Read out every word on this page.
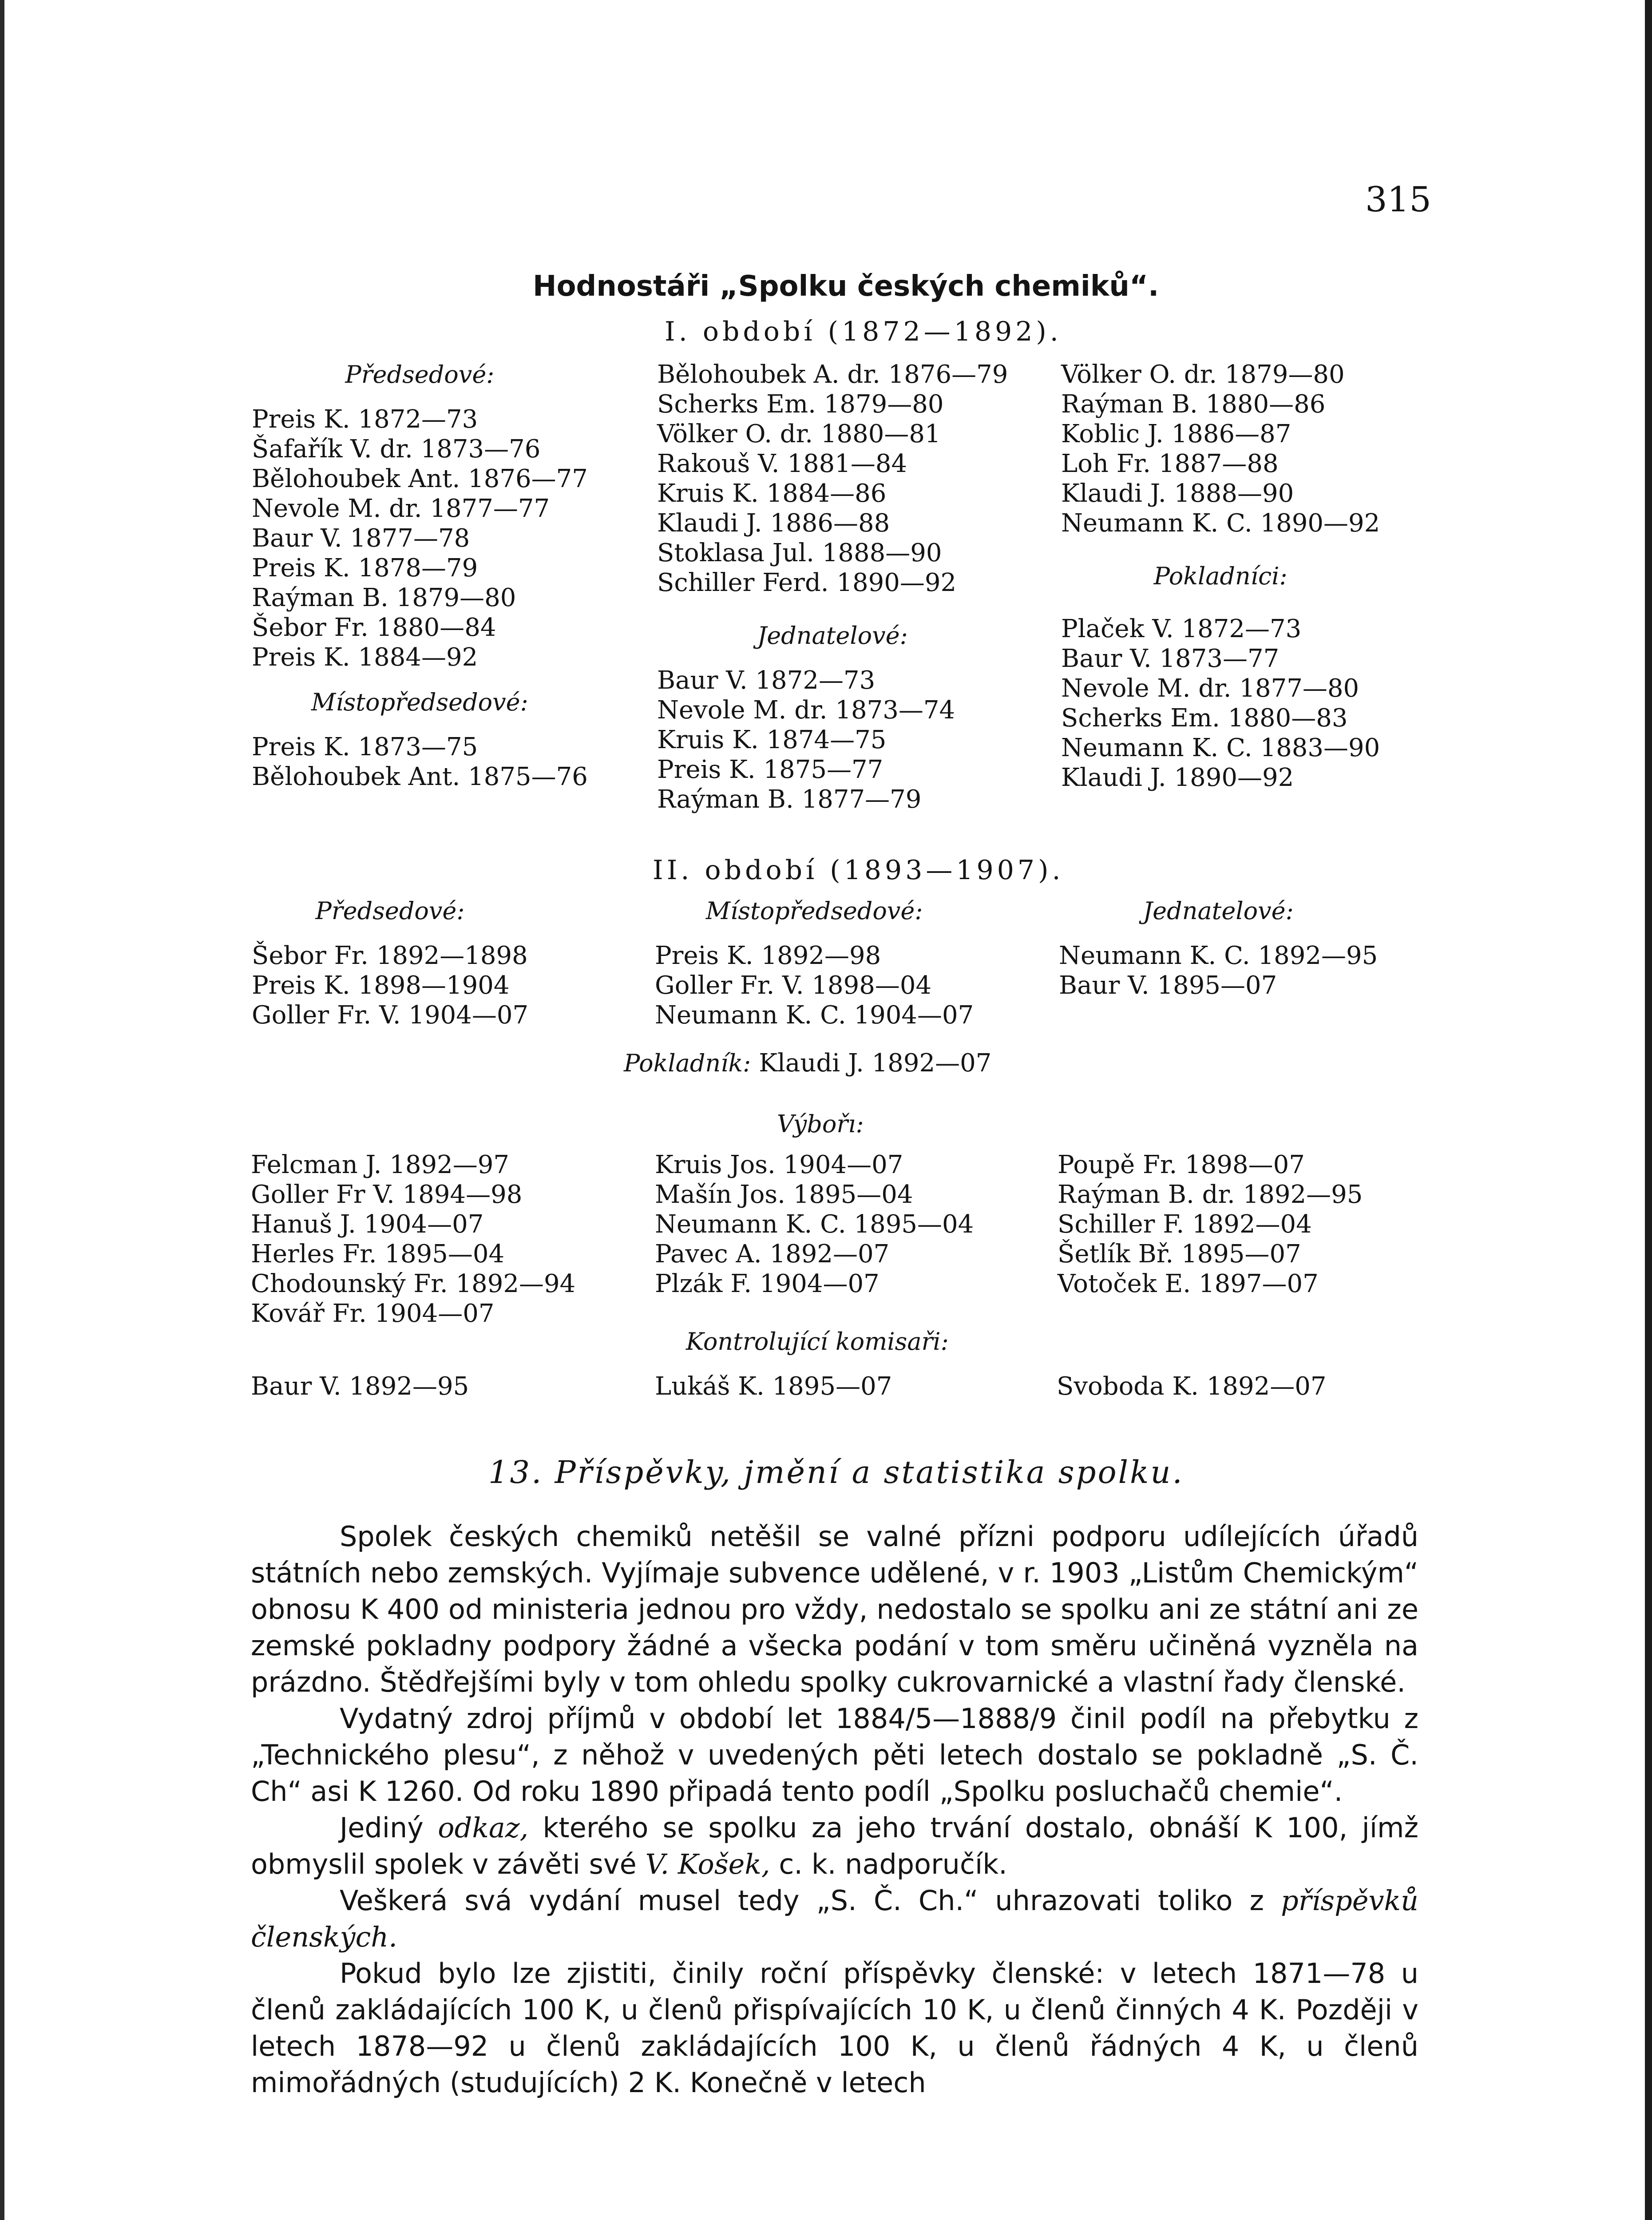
315
Hodnostáři „Spolku českých chemiků“.
I. období (1872—1892).
Předsedové:
Preis K. 1872—73
Šafařík V. dr. 1873—76
Bělohoubek Ant. 1876—77
Nevole M. dr. 1877—77
Baur V. 1877—78
Preis K. 1878—79
Raýman B. 1879—80
Šebor Fr. 1880—84
Preis K. 1884—92
Místopředsedové:
Preis K. 1873—75
Bělohoubek Ant. 1875—76
Bělohoubek A. dr. 1876—79
Scherks Em. 1879—80
Völker O. dr. 1880—81
Rakouš V. 1881—84
Kruis K. 1884—86
Klaudi J. 1886—88
Stoklasa Jul. 1888—90
Schiller Ferd. 1890—92
Jednatelové:
Baur V. 1872—73
Nevole M. dr. 1873—74
Kruis K. 1874—75
Preis K. 1875—77
Raýman B. 1877—79
Völker O. dr. 1879—80
Raýman B. 1880—86
Koblic J. 1886—87
Loh Fr. 1887—88
Klaudi J. 1888—90
Neumann K. C. 1890—92
Pokladníci:
Plaček V. 1872—73
Baur V. 1873—77
Nevole M. dr. 1877—80
Scherks Em. 1880—83
Neumann K. C. 1883—90
Klaudi J. 1890—92
II. období (1893—1907).
Předsedové:
Šebor Fr. 1892—1898
Preis K. 1898—1904
Goller Fr. V. 1904—07
Místopředsedové:
Preis K. 1892—98
Goller Fr. V. 1898—04
Neumann K. C. 1904—07
Jednatelové:
Neumann K. C. 1892—95
Baur V. 1895—07
Pokladník: Klaudi J. 1892—07
Výbořı:
Felcman J. 1892—97
Goller Fr V. 1894—98
Hanuš J. 1904—07
Herles Fr. 1895—04
Chodounský Fr. 1892—94
Kovář Fr. 1904—07
Kruis Jos. 1904—07
Mašín Jos. 1895—04
Neumann K. C. 1895—04
Pavec A. 1892—07
Plzák F. 1904—07
Poupě Fr. 1898—07
Raýman B. dr. 1892—95
Schiller F. 1892—04
Šetlík Bř. 1895—07
Votoček E. 1897—07
Kontrolující komisaři:
Baur V. 1892—95	Lukáš K. 1895—07	Svoboda K. 1892—07
13. Příspěvky, jmění a statistika spolku.

Spolek českých chemiků netěšil se valné přízni podporu udílejících úřadů státních nebo zemských. Vyjímaje subvence udělené, v r. 1903 „Listům Chemickým“ obnosu K 400 od ministeria jednou pro vždy, nedostalo se spolku ani ze státní ani ze zemské pokladny podpory žádné a všecka podání v tom směru učiněná vyzněla na prázdno. Štědřejšími byly v tom ohledu spolky cukrovarnické a vlastní řady členské.

Vydatný zdroj příjmů v období let 1884/5—1888/9 činil podíl na přebytku z „Technického plesu“, z něhož v uvedených pěti letech dostalo se pokladně „S. Č. Ch“ asi K 1260. Od roku 1890 připadá tento podíl „Spolku posluchačů chemie“.

Jediný odkaz, kterého se spolku za jeho trvání dostalo, obnáší K 100, jímž obmyslil spolek v závěti své V. Košek, c. k. nadporučík.

Veškerá svá vydání musel tedy „S. Č. Ch.“ uhrazovati toliko z příspěvků členských.

Pokud bylo lze zjistiti, činily roční příspěvky členské: v letech 1871—78 u členů zakládajících 100 K, u členů přispívajících 10 K, u členů činných 4 K. Později v letech 1878—92 u členů zakládajících 100 K, u členů řádných 4 K, u členů mimořádných (studujících) 2 K. Konečně v letech
